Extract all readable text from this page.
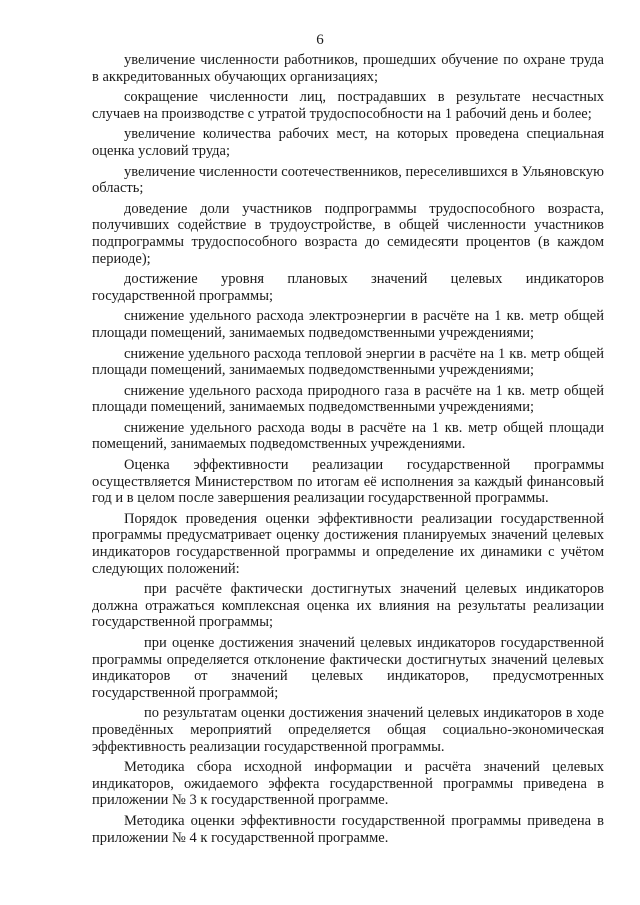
6

увеличение численности работников, прошедших обучение по охране труда в аккредитованных обучающих организациях;

сокращение численности лиц, пострадавших в результате несчастных случаев на производстве с утратой трудоспособности на 1 рабочий день и более;

увеличение количества рабочих мест, на которых проведена специальная оценка условий труда;

увеличение численности соотечественников, переселившихся в Ульяновскую область;

доведение доли участников подпрограммы трудоспособного возраста, получивших содействие в трудоустройстве, в общей численности участников подпрограммы трудоспособного возраста до семидесяти процентов (в каждом периоде);

достижение уровня плановых значений целевых индикаторов государственной программы;

снижение удельного расхода электроэнергии в расчёте на 1 кв. метр общей площади помещений, занимаемых подведомственными учреждениями;

снижение удельного расхода тепловой энергии в расчёте на 1 кв. метр общей площади помещений, занимаемых подведомственными учреждениями;

снижение удельного расхода природного газа в расчёте на 1 кв. метр общей площади помещений, занимаемых подведомственными учреждениями;

снижение удельного расхода воды в расчёте на 1 кв. метр общей площади помещений, занимаемых подведомственных учреждениями.

Оценка эффективности реализации государственной программы осуществляется Министерством по итогам её исполнения за каждый финансовый год и в целом после завершения реализации государственной программы.

Порядок проведения оценки эффективности реализации государственной программы предусматривает оценку достижения планируемых значений целевых индикаторов государственной программы и определение их динамики с учётом следующих положений:

при расчёте фактически достигнутых значений целевых индикаторов должна отражаться комплексная оценка их влияния на результаты реализации государственной программы;

при оценке достижения значений целевых индикаторов государственной программы определяется отклонение фактически достигнутых значений целевых индикаторов от значений целевых индикаторов, предусмотренных государственной программой;

по результатам оценки достижения значений целевых индикаторов в ходе проведённых мероприятий определяется общая социально-экономическая эффективность реализации государственной программы.

Методика сбора исходной информации и расчёта значений целевых индикаторов, ожидаемого эффекта государственной программы приведена в приложении № 3 к государственной программе.

Методика оценки эффективности государственной программы приведена в приложении № 4 к государственной программе.
